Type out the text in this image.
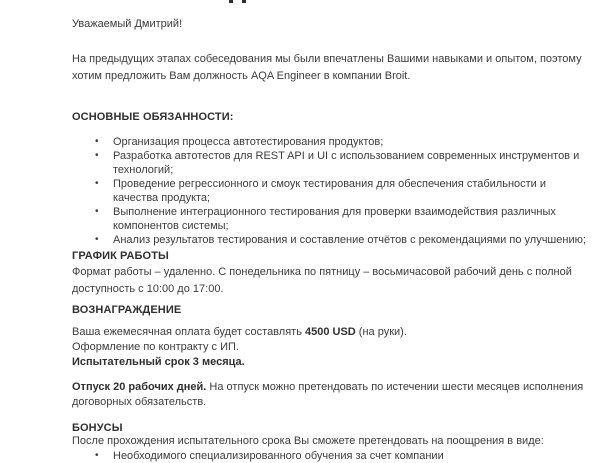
Уважаемый Дмитрий!
На предыдущих этапах собеседования мы были впечатлены Вашими навыками и опытом, поэтому хотим предложить Вам должность AQA Engineer в компании Broit.
ОСНОВНЫЕ ОБЯЗАННОСТИ:
•	Организация процесса автотестирования продуктов;
•	Разработка автотестов для REST API и UI с использованием современных инструментов и технологий;
•	Проведение регрессионного и смоук тестирования для обеспечения стабильности и качества продукта;
•	Выполнение интеграционного тестирования для проверки взаимодействия различных компонентов системы;
•	Анализ результатов тестирования и составление отчётов с рекомендациями по улучшению;
ГРАФИК РАБОТЫ
Формат работы – удаленно. С понедельника по пятницу – восьмичасовой рабочий день с полной доступность с 10:00 до 17:00.
ВОЗНАГРАЖДЕНИЕ
Ваша ежемесячная оплата будет составлять 4500 USD (на руки).
Оформление по контракту с ИП.
Испытательный срок 3 месяца.
Отпуск 20 рабочих дней. На отпуск можно претендовать по истечении шести месяцев исполнения договорных обязательств.
БОНУСЫ
После прохождения испытательного срока Вы сможете претендовать на поощрения в виде:
•	Необходимого специализированного обучения за счет компании
